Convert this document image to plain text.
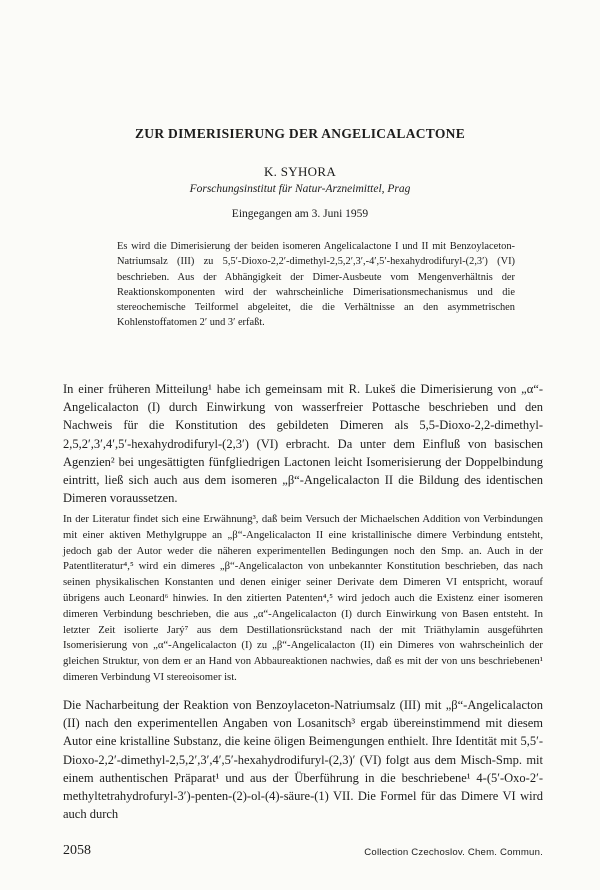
ZUR DIMERISIERUNG DER ANGELICALACTONE
K. SYHORA
Forschungsinstitut für Natur-Arzneimittel, Prag
Eingegangen am 3. Juni 1959

Es wird die Dimerisierung der beiden isomeren Angelicalactone I und II mit Benzoylaceton-Natriumsalz (III) zu 5,5′-Dioxo-2,2′-dimethyl-2,5,2′,3′,-4′,5′-hexahydrodifuryl-(2,3′) (VI) beschrieben. Aus der Abhängigkeit der Dimer-Ausbeute vom Mengenverhältnis der Reaktionskomponenten wird der wahrscheinliche Dimerisationsmechanismus und die stereochemische Teilformel abgeleitet, die die Verhältnisse an den asymmetrischen Kohlenstoffatomen 2′ und 3′ erfaßt.

In einer früheren Mitteilung¹ habe ich gemeinsam mit R. Lukeš die Dimerisierung von „α“-Angelicalacton (I) durch Einwirkung von wasserfreier Pottasche beschrieben und den Nachweis für die Konstitution des gebildeten Dimeren als 5,5-Dioxo-2,2-dimethyl-2,5,2′,3′,4′,5′-hexahydrodifuryl-(2,3′) (VI) erbracht. Da unter dem Einfluß von basischen Agenzien² bei ungesättigten fünfgliedrigen Lactonen leicht Isomerisierung der Doppelbindung eintritt, ließ sich auch aus dem isomeren „β“-Angelicalacton II die Bildung des identischen Dimeren voraussetzen.

In der Literatur findet sich eine Erwähnung³, daß beim Versuch der Michaelschen Addition von Verbindungen mit einer aktiven Methylgruppe an „β“-Angelicalacton II eine kristallinische dimere Verbindung entsteht, jedoch gab der Autor weder die näheren experimentellen Bedingungen noch den Smp. an. Auch in der Patentliteratur⁴,⁵ wird ein dimeres „β“-Angelicalacton von unbekannter Konstitution beschrieben, das nach seinen physikalischen Konstanten und denen einiger seiner Derivate dem Dimeren VI entspricht, worauf übrigens auch Leonard⁶ hinwies. In den zitierten Patenten⁴,⁵ wird jedoch auch die Existenz einer isomeren dimeren Verbindung beschrieben, die aus „α“-Angelicalacton (I) durch Einwirkung von Basen entsteht. In letzter Zeit isolierte Jarý⁷ aus dem Destillationsrückstand nach der mit Triäthylamin ausgeführten Isomerisierung von „α“-Angelicalacton (I) zu „β“-Angelicalacton (II) ein Dimeres von wahrscheinlich der gleichen Struktur, von dem er an Hand von Abbaureaktionen nachwies, daß es mit der von uns beschriebenen¹ dimeren Verbindung VI stereoisomer ist.

Die Nacharbeitung der Reaktion von Benzoylaceton-Natriumsalz (III) mit „β“-Angelicalacton (II) nach den experimentellen Angaben von Losanitsch³ ergab übereinstimmend mit diesem Autor eine kristalline Substanz, die keine öligen Beimengungen enthielt. Ihre Identität mit 5,5′-Dioxo-2,2′-dimethyl-2,5,2′,3′,4′,5′-hexahydrodifuryl-(2,3)′ (VI) folgt aus dem Misch-Smp. mit einem authentischen Präparat¹ und aus der Überführung in die beschriebene¹ 4-(5′-Oxo-2′-methyltetrahydrofuryl-3′)-penten-(2)-ol-(4)-säure-(1) VII. Die Formel für das Dimere VI wird auch durch

2058	Collection Czechoslov. Chem. Commun.
